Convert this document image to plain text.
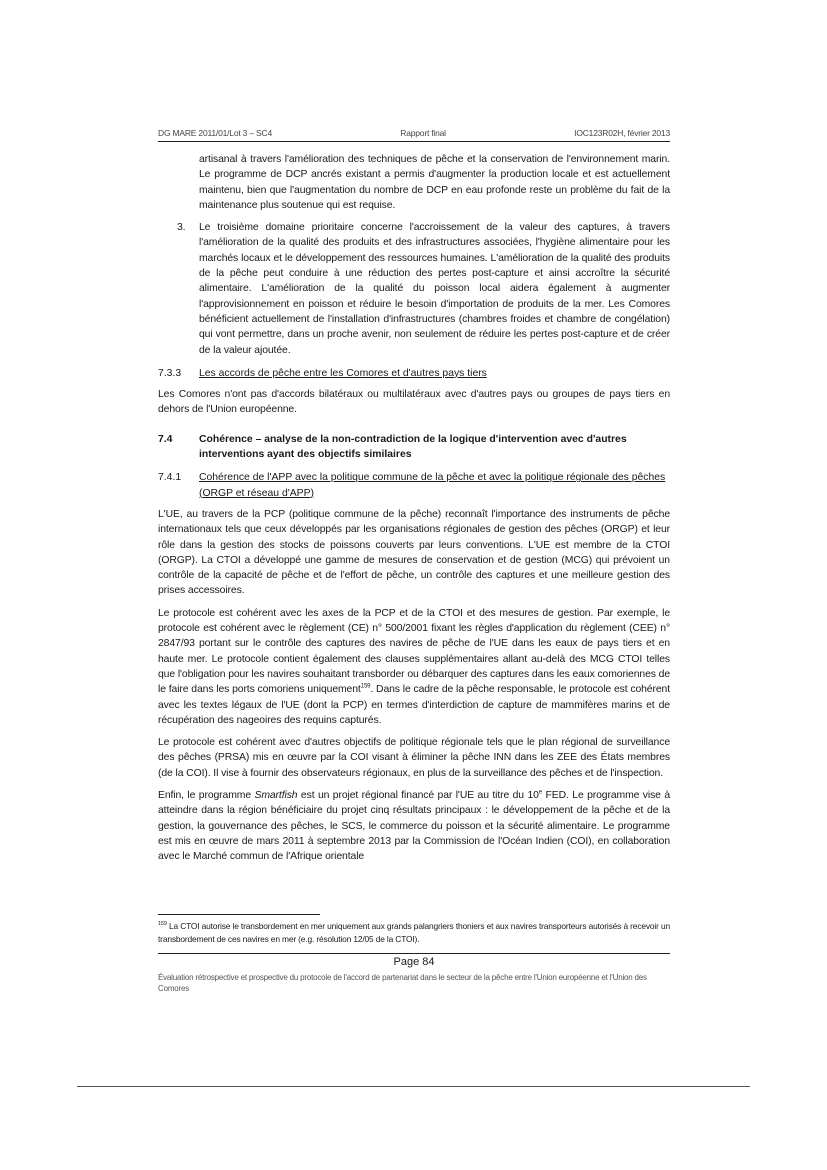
DG MARE 2011/01/Lot 3 – SC4	Rapport final	IOC123R02H, février 2013

artisanal à travers l'amélioration des techniques de pêche et la conservation de l'environnement marin. Le programme de DCP ancrés existant a permis d'augmenter la production locale et est actuellement maintenu, bien que l'augmentation du nombre de DCP en eau profonde reste un problème du fait de la maintenance plus soutenue qui est requise.

3. Le troisième domaine prioritaire concerne l'accroissement de la valeur des captures, à travers l'amélioration de la qualité des produits et des infrastructures associées, l'hygiène alimentaire pour les marchés locaux et le développement des ressources humaines. L'amélioration de la qualité des produits de la pêche peut conduire à une réduction des pertes post-capture et ainsi accroître la sécurité alimentaire. L'amélioration de la qualité du poisson local aidera également à augmenter l'approvisionnement en poisson et réduire le besoin d'importation de produits de la mer. Les Comores bénéficient actuellement de l'installation d'infrastructures (chambres froides et chambre de congélation) qui vont permettre, dans un proche avenir, non seulement de réduire les pertes post-capture et de créer de la valeur ajoutée.

7.3.3	Les accords de pêche entre les Comores et d'autres pays tiers

Les Comores n'ont pas d'accords bilatéraux ou multilatéraux avec d'autres pays ou groupes de pays tiers en dehors de l'Union européenne.

7.4	Cohérence – analyse de la non-contradiction de la logique d'intervention avec d'autres interventions ayant des objectifs similaires
7.4.1	Cohérence de l'APP avec la politique commune de la pêche et avec la politique régionale des pêches (ORGP et réseau d'APP)

L'UE, au travers de la PCP (politique commune de la pêche) reconnaît l'importance des instruments de pêche internationaux tels que ceux développés par les organisations régionales de gestion des pêches (ORGP) et leur rôle dans la gestion des stocks de poissons couverts par leurs conventions. L'UE est membre de la CTOI (ORGP). La CTOI a développé une gamme de mesures de conservation et de gestion (MCG) qui prévoient un contrôle de la capacité de pêche et de l'effort de pêche, un contrôle des captures et une meilleure gestion des prises accessoires.

Le protocole est cohérent avec les axes de la PCP et de la CTOI et des mesures de gestion. Par exemple, le protocole est cohérent avec le règlement (CE) n° 500/2001 fixant les règles d'application du règlement (CEE) n° 2847/93 portant sur le contrôle des captures des navires de pêche de l'UE dans les eaux de pays tiers et en haute mer. Le protocole contient également des clauses supplémentaires allant au-delà des MCG CTOI telles que l'obligation pour les navires souhaitant transborder ou débarquer des captures dans les eaux comoriennes de le faire dans les ports comoriens uniquement$^{159}$. Dans le cadre de la pêche responsable, le protocole est cohérent avec les textes légaux de l'UE (dont la PCP) en termes d'interdiction de capture de mammifères marins et de récupération des nageoires des requins capturés.

Le protocole est cohérent avec d'autres objectifs de politique régionale tels que le plan régional de surveillance des pêches (PRSA) mis en œuvre par la COI visant à éliminer la pêche INN dans les ZEE des États membres (de la COI). Il vise à fournir des observateurs régionaux, en plus de la surveillance des pêches et de l'inspection.

Enfin, le programme Smartfish est un projet régional financé par l'UE au titre du 10e FED. Le programme vise à atteindre dans la région bénéficiaire du projet cinq résultats principaux : le développement de la pêche et de la gestion, la gouvernance des pêches, le SCS, le commerce du poisson et la sécurité alimentaire. Le programme est mis en œuvre de mars 2011 à septembre 2013 par la Commission de l'Océan Indien (COI), en collaboration avec le Marché commun de l'Afrique orientale

$^{159}$ La CTOI autorise le transbordement en mer uniquement aux grands palangriers thoniers et aux navires transporteurs autorisés à recevoir un transbordement de ces navires en mer (e.g. résolution 12/05 de la CTOI).
Page 84
Évaluation rétrospective et prospective du protocole de l'accord de partenariat dans le secteur de la pêche entre l'Union européenne et l'Union des Comores
